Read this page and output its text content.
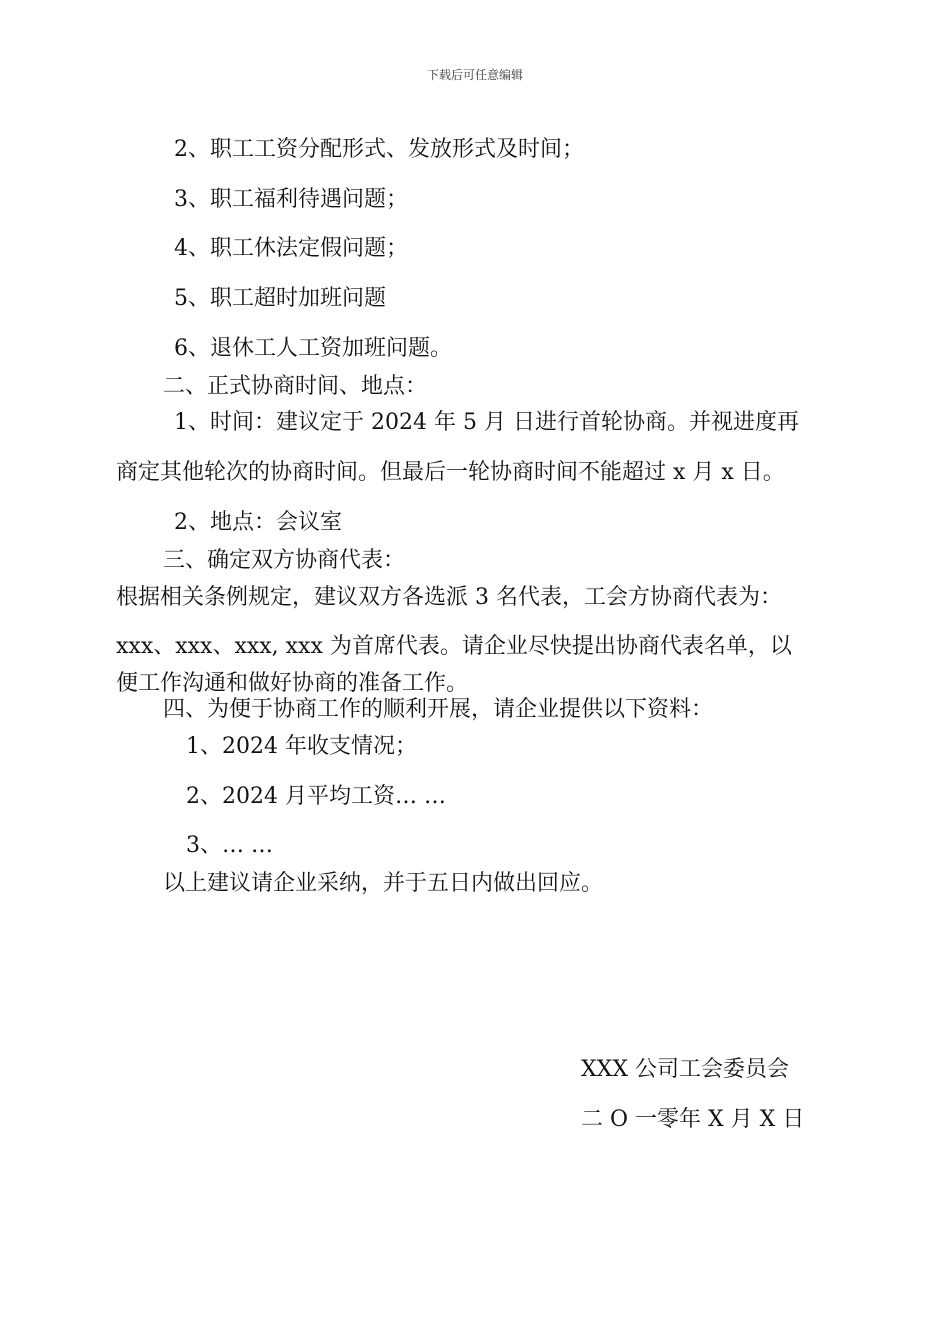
下载后可任意编辑
2、职工工资分配形式、发放形式及时间；
3、职工福利待遇问题；
4、职工休法定假问题；
5、职工超时加班问题
6、退休工人工资加班问题。
二、正式协商时间、地点：
1、时间：建议定于 2024 年 5 月 日进行首轮协商。并视进度再
商定其他轮次的协商时间。但最后一轮协商时间不能超过 x 月 x 日。
2、地点：会议室
三、确定双方协商代表：
根据相关条例规定，建议双方各选派 3 名代表，工会方协商代表为：
xxx、xxx、xxx, xxx 为首席代表。请企业尽快提出协商代表名单，以
便工作沟通和做好协商的准备工作。
四、为便于协商工作的顺利开展，请企业提供以下资料：
1、2024 年收支情况；
2、2024 月平均工资… …
3、… …
以上建议请企业采纳，并于五日内做出回应。
XXX 公司工会委员会
二 O 一零年 X 月 X 日
